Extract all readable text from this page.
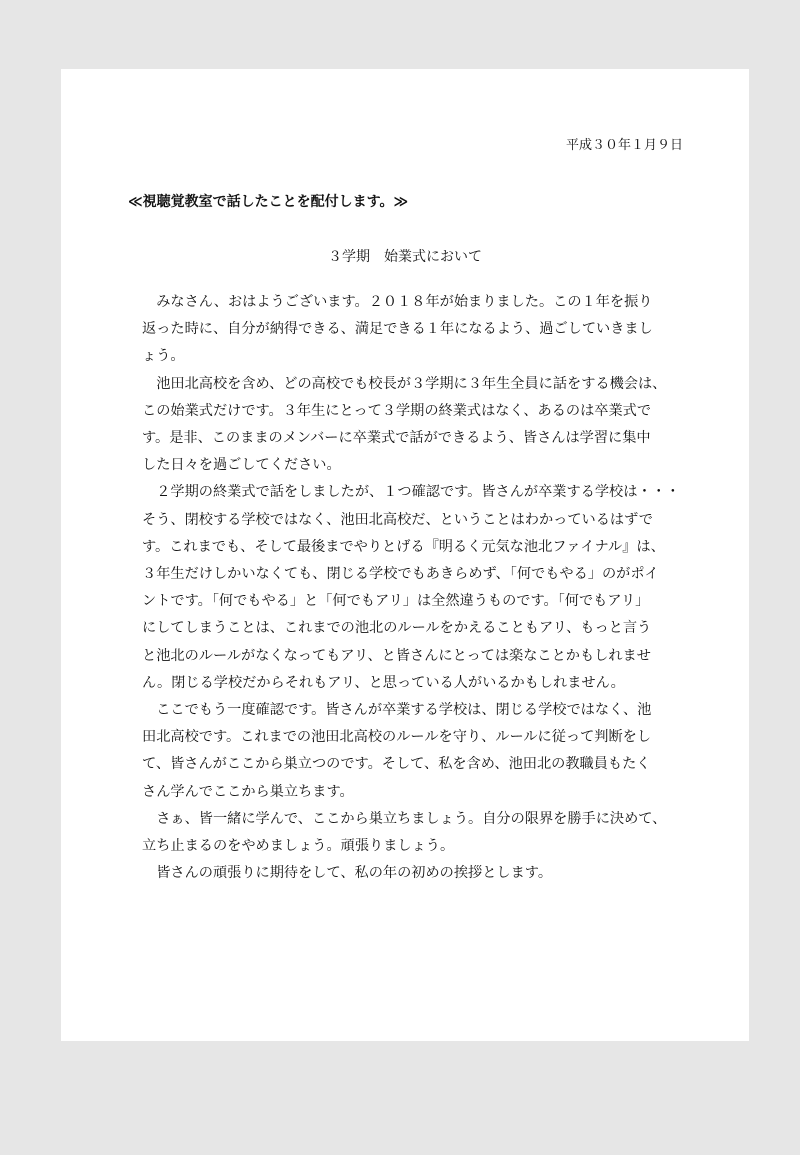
平成３０年１月９日
≪視聴覚教室で話したことを配付します。≫
３学期　始業式において

　みなさん、おはようございます。２０１８年が始まりました。この１年を振り
返った時に、自分が納得できる、満足できる１年になるよう、過ごしていきまし
ょう。

　池田北高校を含め、どの高校でも校長が３学期に３年生全員に話をする機会は、
この始業式だけです。３年生にとって３学期の終業式はなく、あるのは卒業式で
す。是非、このままのメンバーに卒業式で話ができるよう、皆さんは学習に集中
した日々を過ごしてください。

　２学期の終業式で話をしましたが、１つ確認です。皆さんが卒業する学校は・・・
そう、閉校する学校ではなく、池田北高校だ、ということはわかっているはずで
す。これまでも、そして最後までやりとげる『明るく元気な池北ファイナル』は、
３年生だけしかいなくても、閉じる学校でもあきらめず、「何でもやる」のがポイ
ントです。「何でもやる」と「何でもアリ」は全然違うものです。「何でもアリ」
にしてしまうことは、これまでの池北のルールをかえることもアリ、もっと言う
と池北のルールがなくなってもアリ、と皆さんにとっては楽なことかもしれませ
ん。閉じる学校だからそれもアリ、と思っている人がいるかもしれません。

　ここでもう一度確認です。皆さんが卒業する学校は、閉じる学校ではなく、池
田北高校です。これまでの池田北高校のルールを守り、ルールに従って判断をし
て、皆さんがここから巣立つのです。そして、私を含め、池田北の教職員もたく
さん学んでここから巣立ちます。

　さぁ、皆一緒に学んで、ここから巣立ちましょう。自分の限界を勝手に決めて、
立ち止まるのをやめましょう。頑張りましょう。

　皆さんの頑張りに期待をして、私の年の初めの挨拶とします。
